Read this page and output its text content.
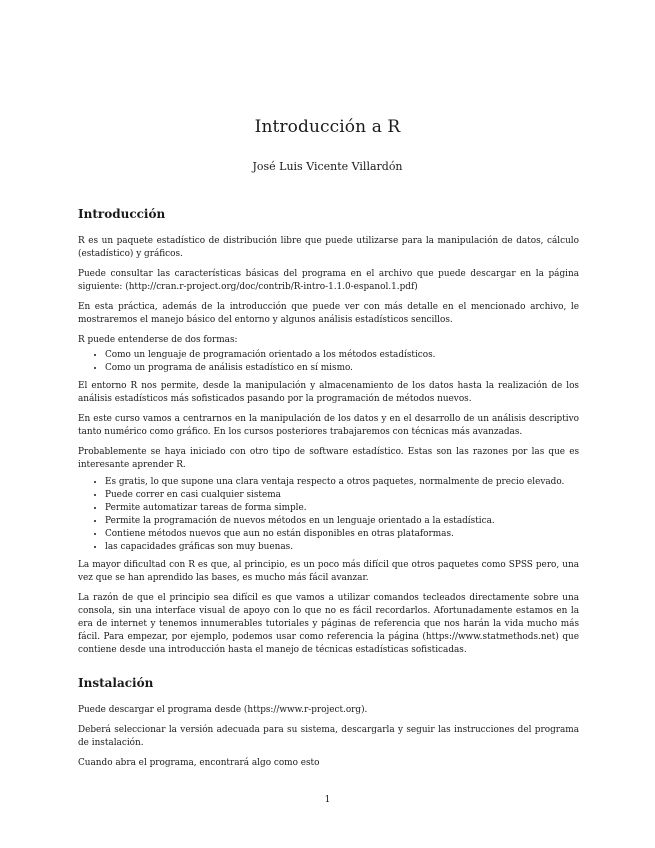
Introducción a R
José Luis Vicente Villardón
Introducción

R es un paquete estadístico de distribución libre que puede utilizarse para la manipulación de datos, cálculo (estadístico) y gráficos.

Puede consultar las características básicas del programa en el archivo que puede descargar en la página siguiente: (http://cran.r-project.org/doc/contrib/R-intro-1.1.0-espanol.1.pdf)

En esta práctica, además de la introducción que puede ver con más detalle en el mencionado archivo, le mostraremos el manejo básico del entorno y algunos análisis estadísticos sencillos.

R puede entenderse de dos formas:

• Como un lenguaje de programación orientado a los métodos estadísticos.
• Como un programa de análisis estadístico en sí mismo.

El entorno R nos permite, desde la manipulación y almacenamiento de los datos hasta la realización de los análisis estadísticos más sofisticados pasando por la programación de métodos nuevos.

En este curso vamos a centrarnos en la manipulación de los datos y en el desarrollo de un análisis descriptivo tanto numérico como gráfico. En los cursos posteriores trabajaremos con técnicas más avanzadas.

Probablemente se haya iniciado con otro tipo de software estadístico. Estas son las razones por las que es interesante aprender R.

• Es gratis, lo que supone una clara ventaja respecto a otros paquetes, normalmente de precio elevado.
• Puede correr en casi cualquier sistema
• Permite automatizar tareas de forma simple.
• Permite la programación de nuevos métodos en un lenguaje orientado a la estadística.
• Contiene métodos nuevos que aun no están disponibles en otras plataformas.
• las capacidades gráficas son muy buenas.

La mayor dificultad con R es que, al principio, es un poco más difícil que otros paquetes como SPSS pero, una vez que se han aprendido las bases, es mucho más fácil avanzar.

La razón de que el principio sea difícil es que vamos a utilizar comandos tecleados directamente sobre una consola, sin una interface visual de apoyo con lo que no es fácil recordarlos. Afortunadamente estamos en la era de internet y tenemos innumerables tutoriales y páginas de referencia que nos harán la vida mucho más fácil. Para empezar, por ejemplo, podemos usar como referencia la página (https://www.statmethods.net) que contiene desde una introducción hasta el manejo de técnicas estadísticas sofisticadas.

Instalación

Puede descargar el programa desde (https://www.r-project.org).

Deberá seleccionar la versión adecuada para su sistema, descargarla y seguir las instrucciones del programa de instalación.

Cuando abra el programa, encontrará algo como esto

1
